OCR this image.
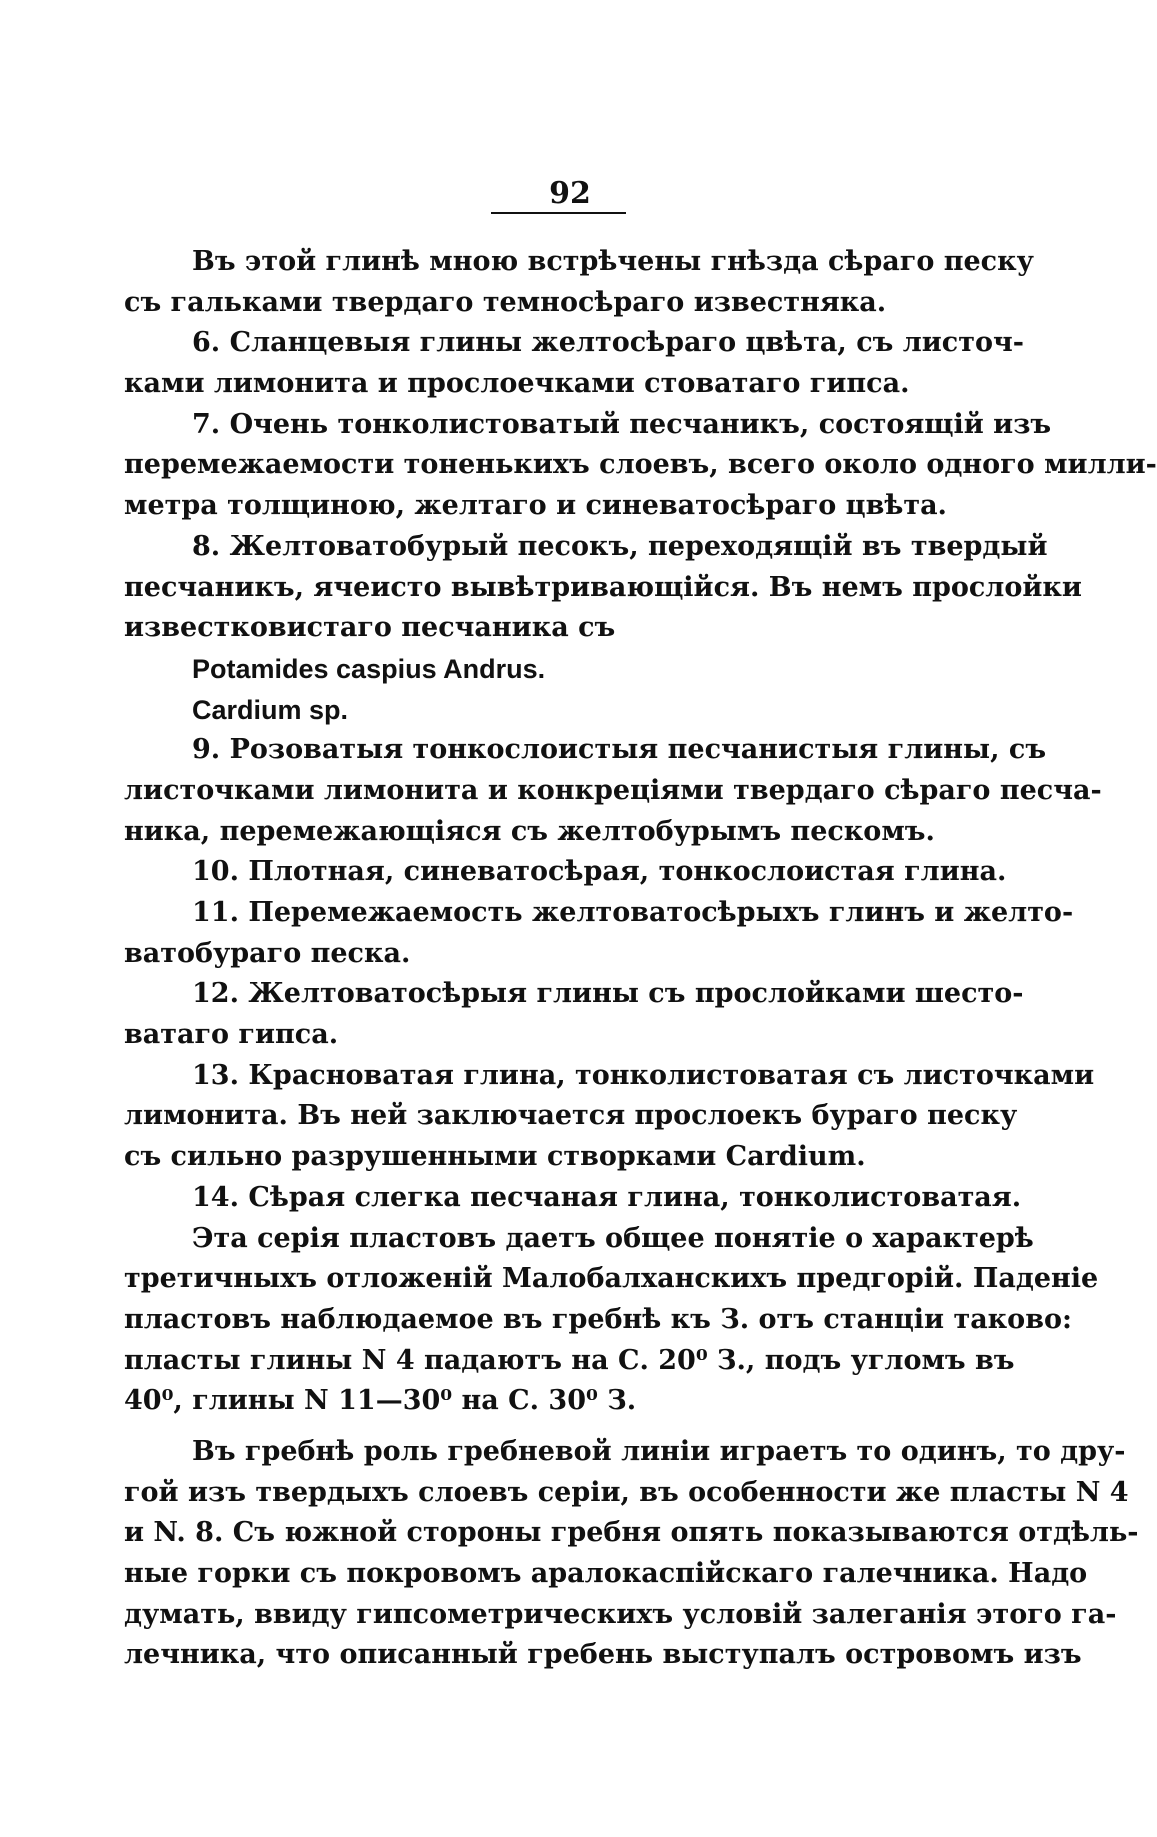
92
Въ этой глинѣ мною встрѣчены гнѣзда сѣраго песку
съ гальками твердаго темносѣраго известняка.
6. Сланцевыя глины желтосѣраго цвѣта, съ листоч-
ками лимонита и прослоечками стоватаго гипса.
7. Очень тонколистоватый песчаникъ, состоящій изъ
перемежаемости тоненькихъ слоевъ, всего около одного милли-
метра толщиною, желтаго и синеватосѣраго цвѣта.
8. Желтоватобурый песокъ, переходящій въ твердый
песчаникъ, ячеисто вывѣтривающійся. Въ немъ прослойки
известковистаго песчаника съ
Potamides caspius Andrus.
Cardium sp.
9. Розоватыя тонкослоистыя песчанистыя глины, съ
листочками лимонита и конкреціями твердаго сѣраго песча-
ника, перемежающіяся съ желтобурымъ пескомъ.
10. Плотная, синеватосѣрая, тонкослоистая глина.
11. Перемежаемость желтоватосѣрыхъ глинъ и желто-
ватобураго песка.
12. Желтоватосѣрыя глины съ прослойками шесто-
ватаго гипса.
13. Красноватая глина, тонколистоватая съ листочками
лимонита. Въ ней заключается прослоекъ бураго песку
съ сильно разрушенными створками Cardium.
14. Сѣрая слегка песчаная глина, тонколистоватая.
Эта серія пластовъ даетъ общее понятіе о характерѣ
третичныхъ отложеній Малобалханскихъ предгорій. Паденіе
пластовъ наблюдаемое въ гребнѣ къ З. отъ станціи таково:
пласты глины N 4 падаютъ на С. 20⁰ З., подъ угломъ въ
40⁰, глины N 11—30⁰ на С. 30⁰ З.
Въ гребнѣ роль гребневой линіи играетъ то одинъ, то дру-
гой изъ твердыхъ слоевъ серіи, въ особенности же пласты N 4
и N. 8. Съ южной стороны гребня опять показываются отдѣль-
ные горки съ покровомъ аралокаспійскаго галечника. Надо
думать, ввиду гипсометрическихъ условій залеганія этого га-
лечника, что описанный гребень выступалъ островомъ изъ
